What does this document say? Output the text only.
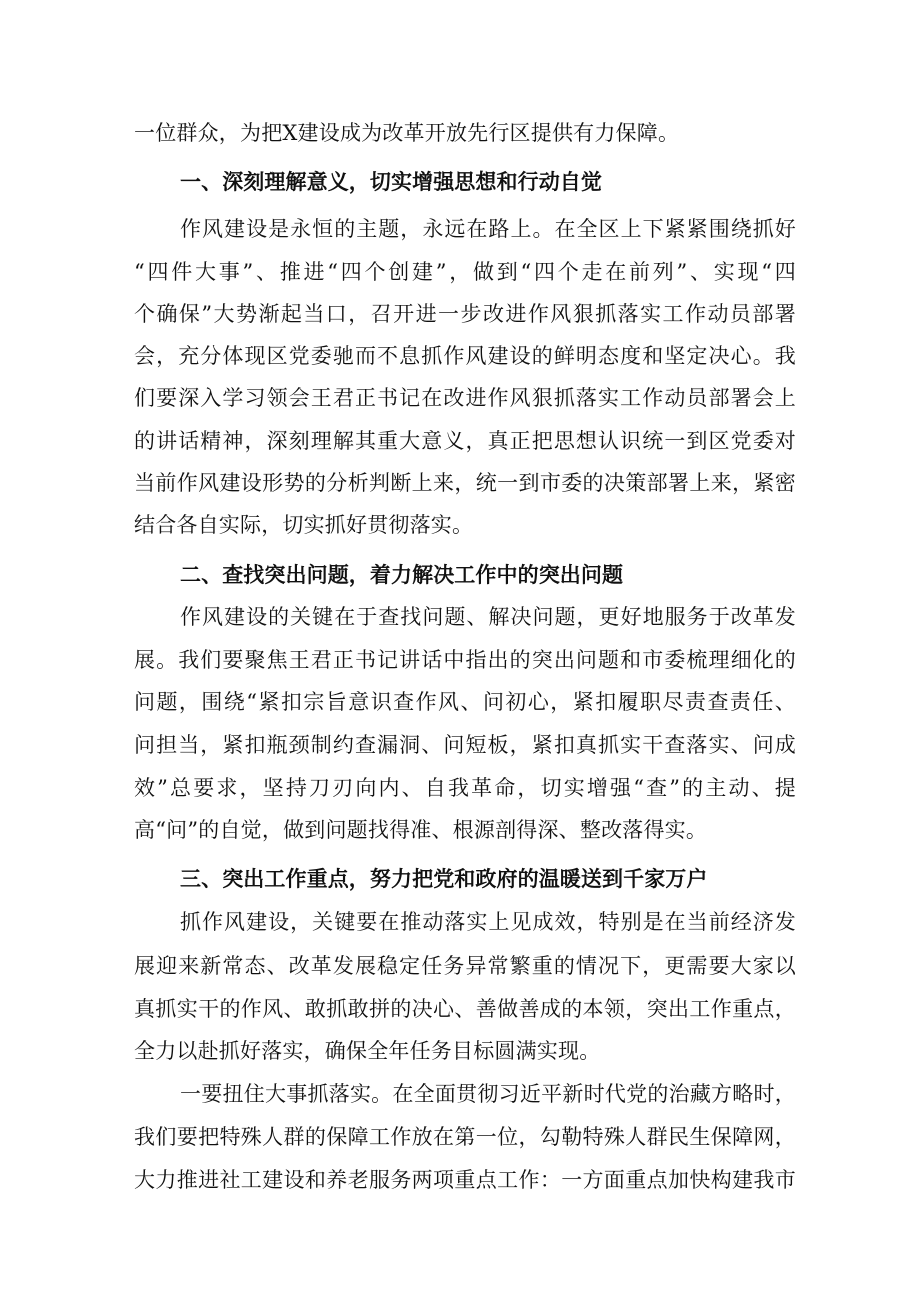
一位群众，为把X建设成为改革开放先行区提供有力保障。
一、深刻理解意义，切实增强思想和行动自觉
作风建设是永恒的主题，永远在路上。在全区上下紧紧围绕抓好
“四件大事”、推进“四个创建”，做到“四个走在前列”、实现“四
个确保”大势渐起当口，召开进一步改进作风狠抓落实工作动员部署
会，充分体现区党委驰而不息抓作风建设的鲜明态度和坚定决心。我
们要深入学习领会王君正书记在改进作风狠抓落实工作动员部署会上
的讲话精神，深刻理解其重大意义，真正把思想认识统一到区党委对
当前作风建设形势的分析判断上来，统一到市委的决策部署上来，紧密
结合各自实际，切实抓好贯彻落实。
二、查找突出问题，着力解决工作中的突出问题
作风建设的关键在于查找问题、解决问题，更好地服务于改革发
展。我们要聚焦王君正书记讲话中指出的突出问题和市委梳理细化的
问题，围绕“紧扣宗旨意识查作风、问初心，紧扣履职尽责查责任、
问担当，紧扣瓶颈制约查漏洞、问短板，紧扣真抓实干查落实、问成
效”总要求，坚持刀刃向内、自我革命，切实增强“查”的主动、提
高“问”的自觉，做到问题找得准、根源剖得深、整改落得实。
三、突出工作重点，努力把党和政府的温暖送到千家万户
抓作风建设，关键要在推动落实上见成效，特别是在当前经济发
展迎来新常态、改革发展稳定任务异常繁重的情况下，更需要大家以
真抓实干的作风、敢抓敢拼的决心、善做善成的本领，突出工作重点，
全力以赴抓好落实，确保全年任务目标圆满实现。
一要扭住大事抓落实。在全面贯彻习近平新时代党的治藏方略时，
我们要把特殊人群的保障工作放在第一位，勾勒特殊人群民生保障网，
大力推进社工建设和养老服务两项重点工作：一方面重点加快构建我市
